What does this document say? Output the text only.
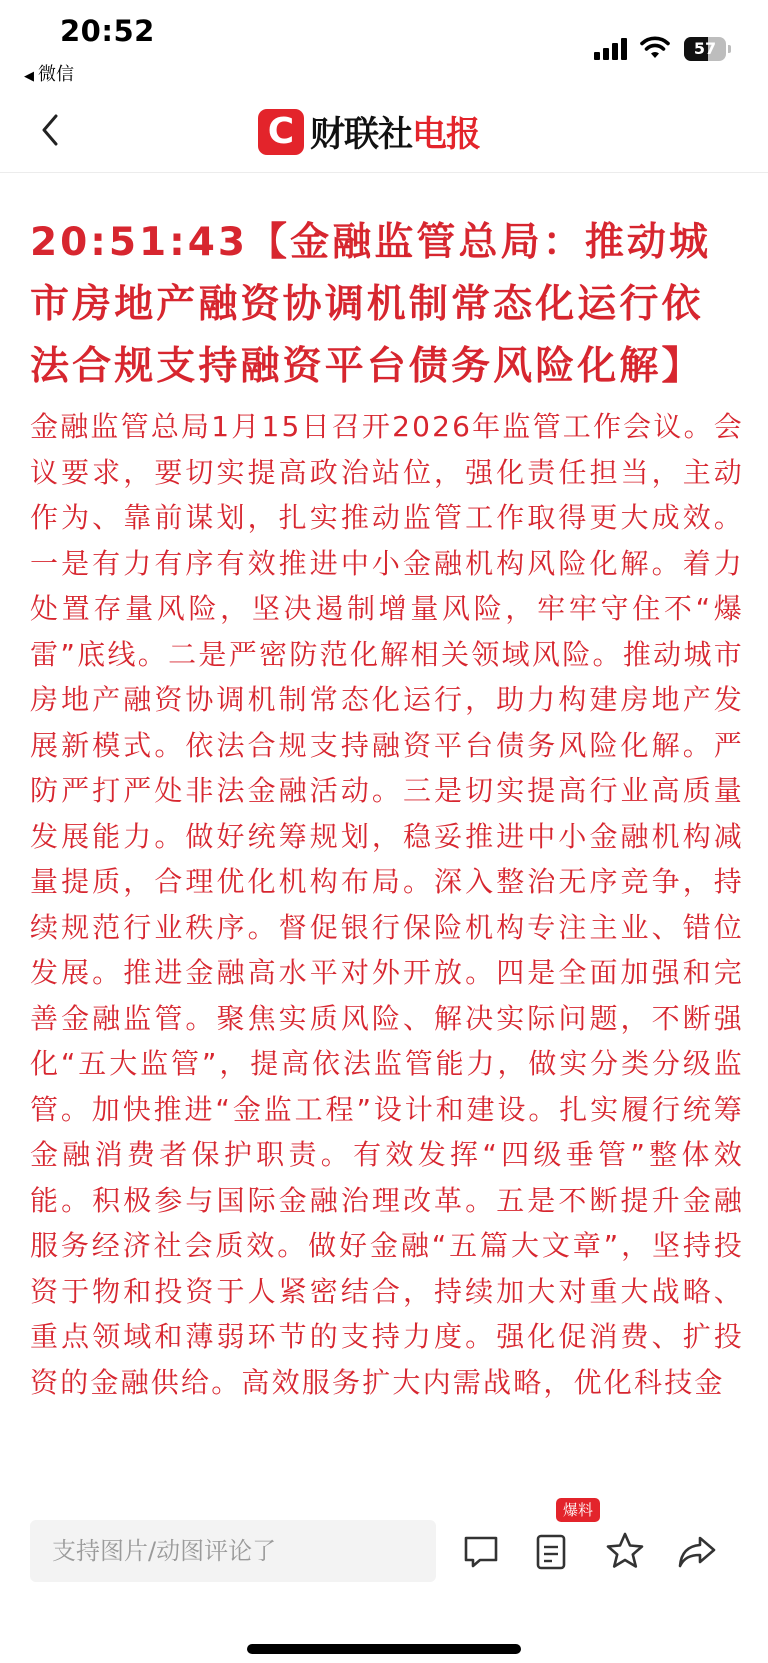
20:52
◀ 微信
57
C 财联社 电报
20:51:43【金融监管总局：推动城市房地产融资协调机制常态化运行依法合规支持融资平台债务风险化解】

金融监管总局1月15日召开2026年监管工作会议。会议要求，要切实提高政治站位，强化责任担当，主动作为、靠前谋划，扎实推动监管工作取得更大成效。一是有力有序有效推进中小金融机构风险化解。着力处置存量风险，坚决遏制增量风险，牢牢守住不“爆雷”底线。二是严密防范化解相关领域风险。推动城市房地产融资协调机制常态化运行，助力构建房地产发展新模式。依法合规支持融资平台债务风险化解。严防严打严处非法金融活动。三是切实提高行业高质量发展能力。做好统筹规划，稳妥推进中小金融机构减量提质，合理优化机构布局。深入整治无序竞争，持续规范行业秩序。督促银行保险机构专注主业、错位发展。推进金融高水平对外开放。四是全面加强和完善金融监管。聚焦实质风险、解决实际问题，不断强化“五大监管”，提高依法监管能力，做实分类分级监管。加快推进“金监工程”设计和建设。扎实履行统筹金融消费者保护职责。有效发挥“四级垂管”整体效能。积极参与国际金融治理改革。五是不断提升金融服务经济社会质效。做好金融“五篇大文章”，坚持投资于物和投资于人紧密结合，持续加大对重大战略、重点领域和薄弱环节的支持力度。强化促消费、扩投资的金融供给。高效服务扩大内需战略，优化科技金

支持图片/动图评论了
爆料
